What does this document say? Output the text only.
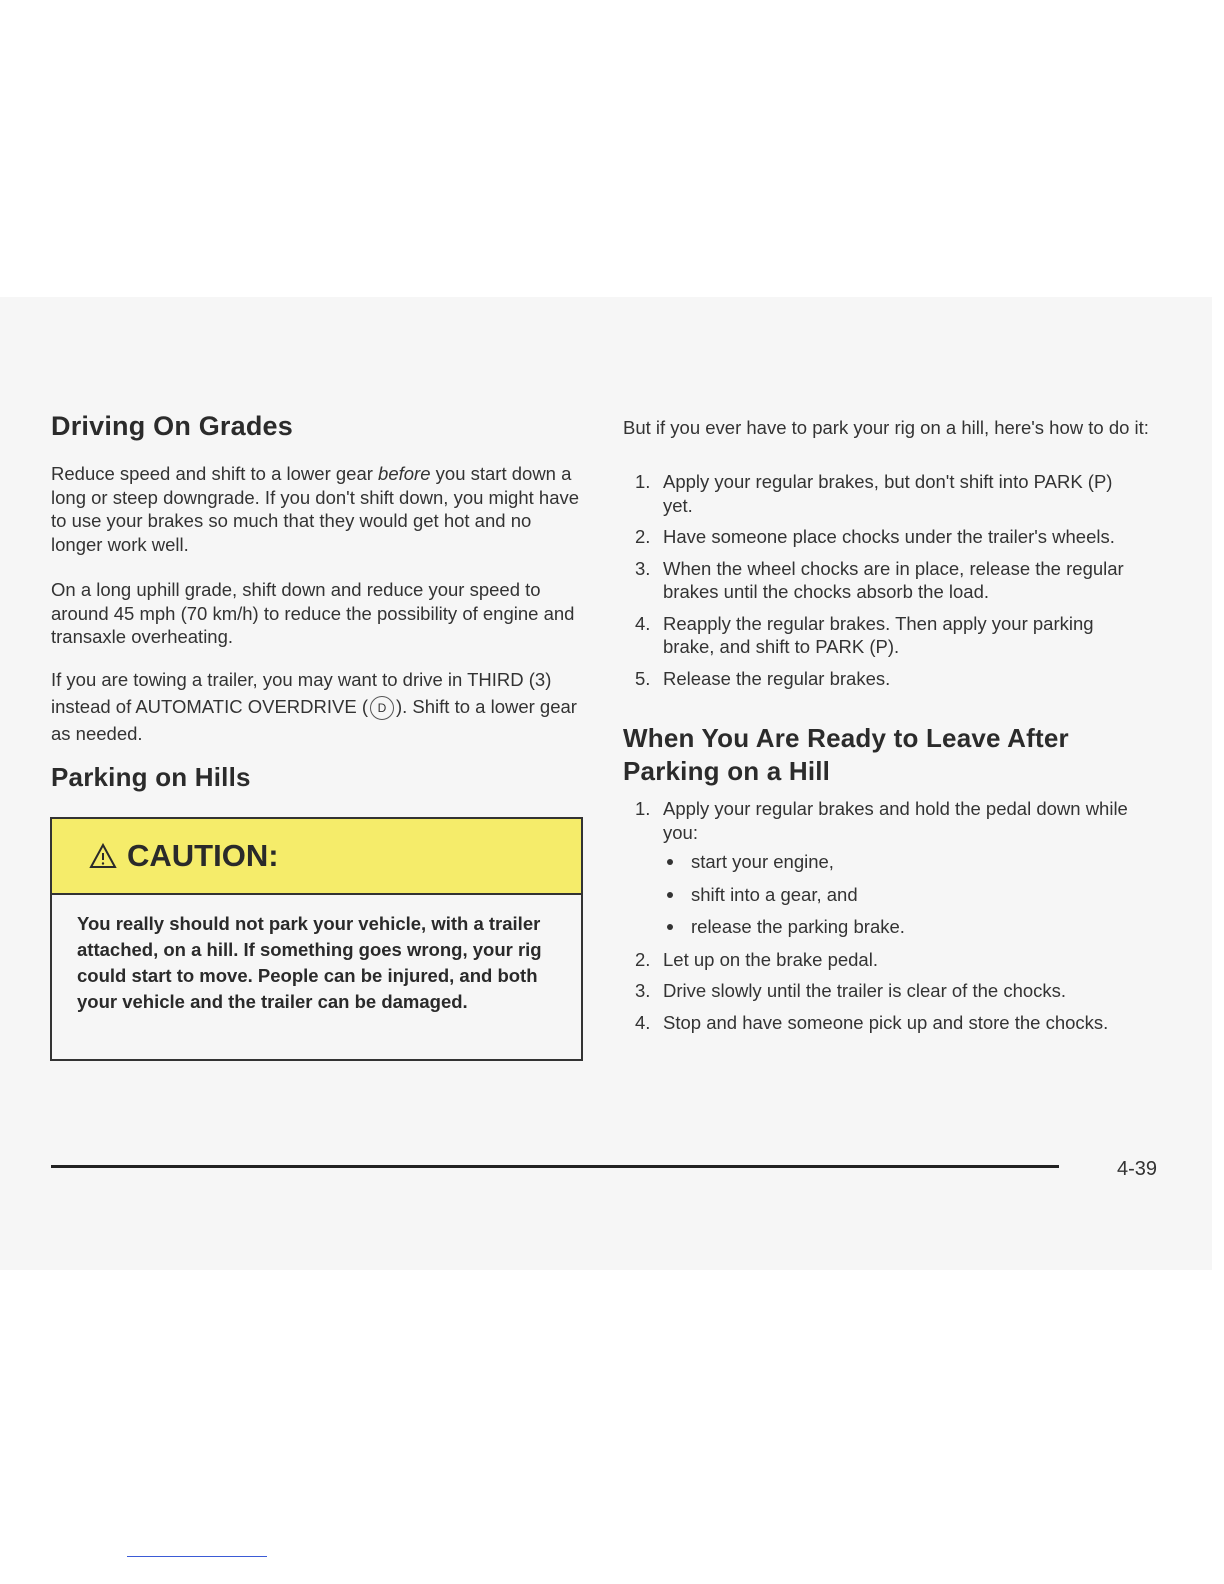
Driving On Grades

Reduce speed and shift to a lower gear before you start down a long or steep downgrade. If you don't shift down, you might have to use your brakes so much that they would get hot and no longer work well.

On a long uphill grade, shift down and reduce your speed to around 45 mph (70 km/h) to reduce the possibility of engine and transaxle overheating.

If you are towing a trailer, you may want to drive in THIRD (3) instead of AUTOMATIC OVERDRIVE ( D ). Shift to a lower gear as needed.

Parking on Hills
CAUTION:

You really should not park your vehicle, with a trailer attached, on a hill. If something goes wrong, your rig could start to move. People can be injured, and both your vehicle and the trailer can be damaged.

But if you ever have to park your rig on a hill, here's how to do it:

1. Apply your regular brakes, but don't shift into PARK (P) yet.
2. Have someone place chocks under the trailer's wheels.
3. When the wheel chocks are in place, release the regular brakes until the chocks absorb the load.
4. Reapply the regular brakes. Then apply your parking brake, and shift to PARK (P).
5. Release the regular brakes.
When You Are Ready to Leave After Parking on a Hill
1. Apply your regular brakes and hold the pedal down while you:
start your engine,
shift into a gear, and
release the parking brake.
2. Let up on the brake pedal.
3. Drive slowly until the trailer is clear of the chocks.
4. Stop and have someone pick up and store the chocks.
4-39
